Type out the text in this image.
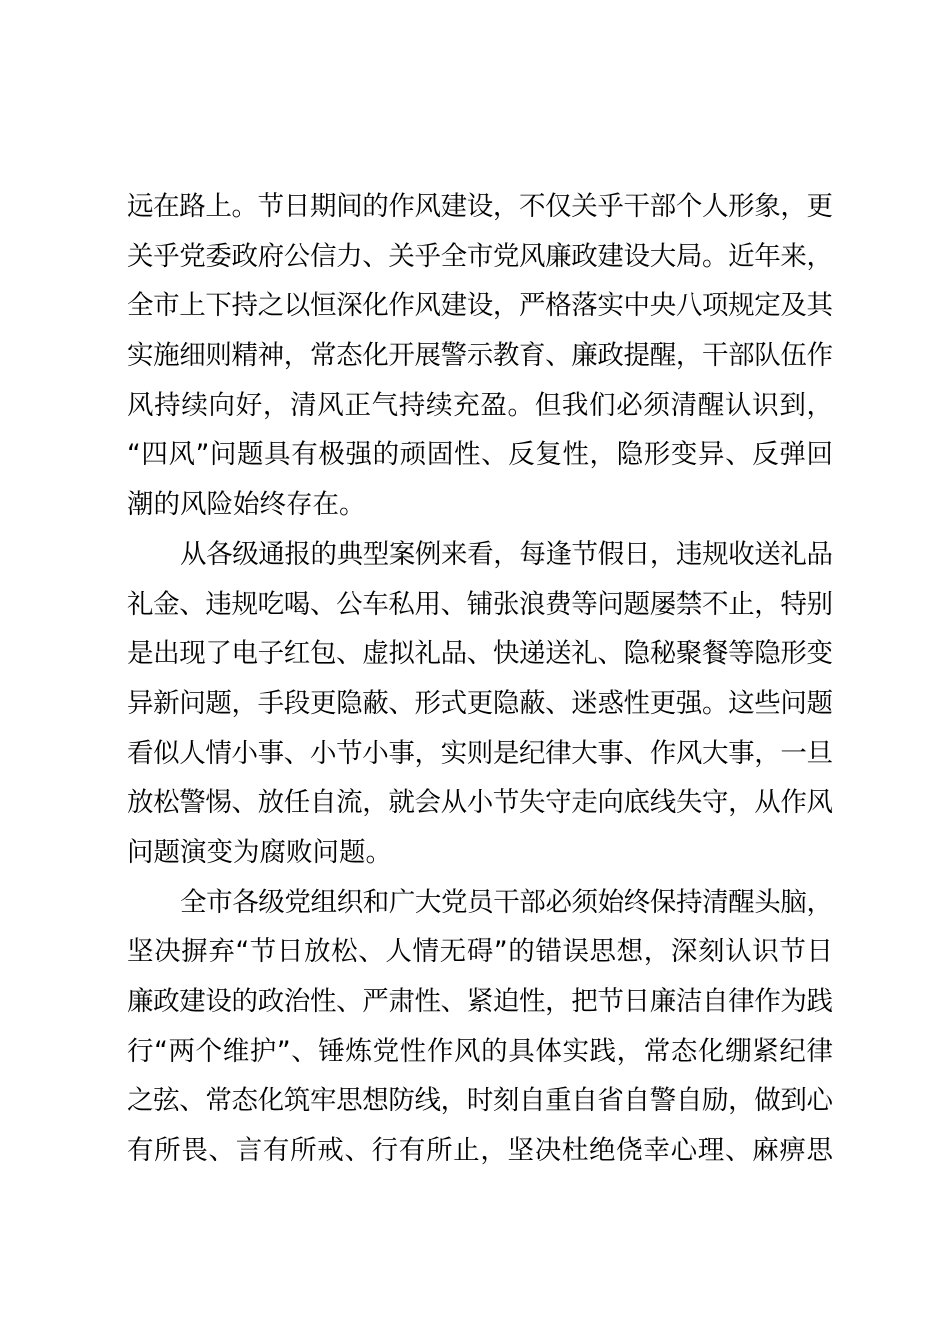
远在路上。节日期间的作风建设，不仅关乎干部个人形象，更
关乎党委政府公信力、关乎全市党风廉政建设大局。近年来，
全市上下持之以恒深化作风建设，严格落实中央八项规定及其
实施细则精神，常态化开展警示教育、廉政提醒，干部队伍作
风持续向好，清风正气持续充盈。但我们必须清醒认识到，
“四风”问题具有极强的顽固性、反复性，隐形变异、反弹回
潮的风险始终存在。
从各级通报的典型案例来看，每逢节假日，违规收送礼品
礼金、违规吃喝、公车私用、铺张浪费等问题屡禁不止，特别
是出现了电子红包、虚拟礼品、快递送礼、隐秘聚餐等隐形变
异新问题，手段更隐蔽、形式更隐蔽、迷惑性更强。这些问题
看似人情小事、小节小事，实则是纪律大事、作风大事，一旦
放松警惕、放任自流，就会从小节失守走向底线失守，从作风
问题演变为腐败问题。
全市各级党组织和广大党员干部必须始终保持清醒头脑，
坚决摒弃“节日放松、人情无碍”的错误思想，深刻认识节日
廉政建设的政治性、严肃性、紧迫性，把节日廉洁自律作为践
行“两个维护”、锤炼党性作风的具体实践，常态化绷紧纪律
之弦、常态化筑牢思想防线，时刻自重自省自警自励，做到心
有所畏、言有所戒、行有所止，坚决杜绝侥幸心理、麻痹思
